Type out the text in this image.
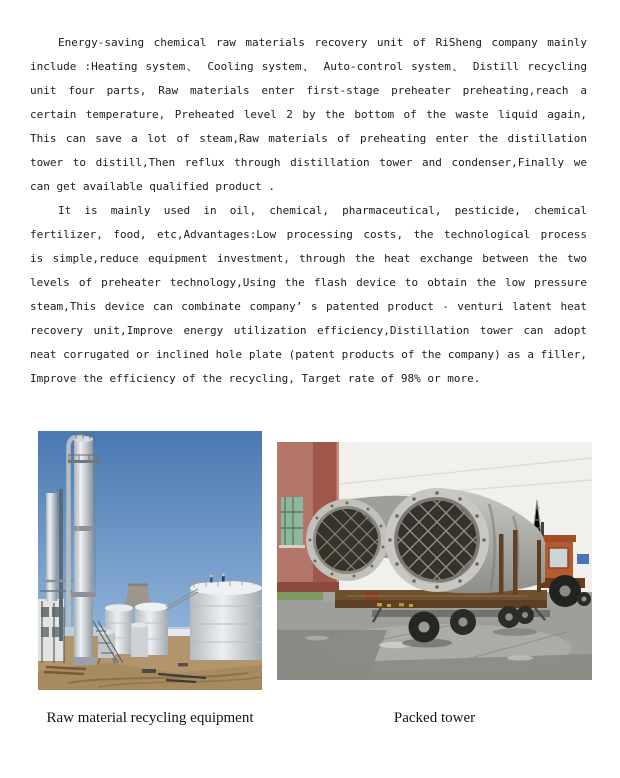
Energy-saving chemical raw materials recovery unit of RiSheng company mainly
include :Heating system、 Cooling system、 Auto-control system、 Distill recycling
unit four parts, Raw materials enter first-stage preheater preheating,reach a
certain temperature, Preheated level 2 by the bottom of the waste liquid again,
This can save a lot of steam,Raw materials of preheating enter the distillation
tower to distill,Then reflux through distillation tower and condenser,Finally we
can get available qualified product .
It is mainly used in oil, chemical, pharmaceutical, pesticide, chemical
fertilizer, food, etc,Advantages:Low processing costs, the technological process
is simple,reduce equipment investment, through the heat exchange between the two
levels of preheater technology,Using the flash device to obtain the low pressure
steam,This device can combinate company’ s patented product - venturi latent heat
recovery unit,Improve energy utilization efficiency,Distillation tower can adopt
neat corrugated or inclined hole plate (patent products of the company) as a filler,
Improve the efficiency of the recycling, Target rate of 98% or more.
Raw material recycling equipment	Packed tower
